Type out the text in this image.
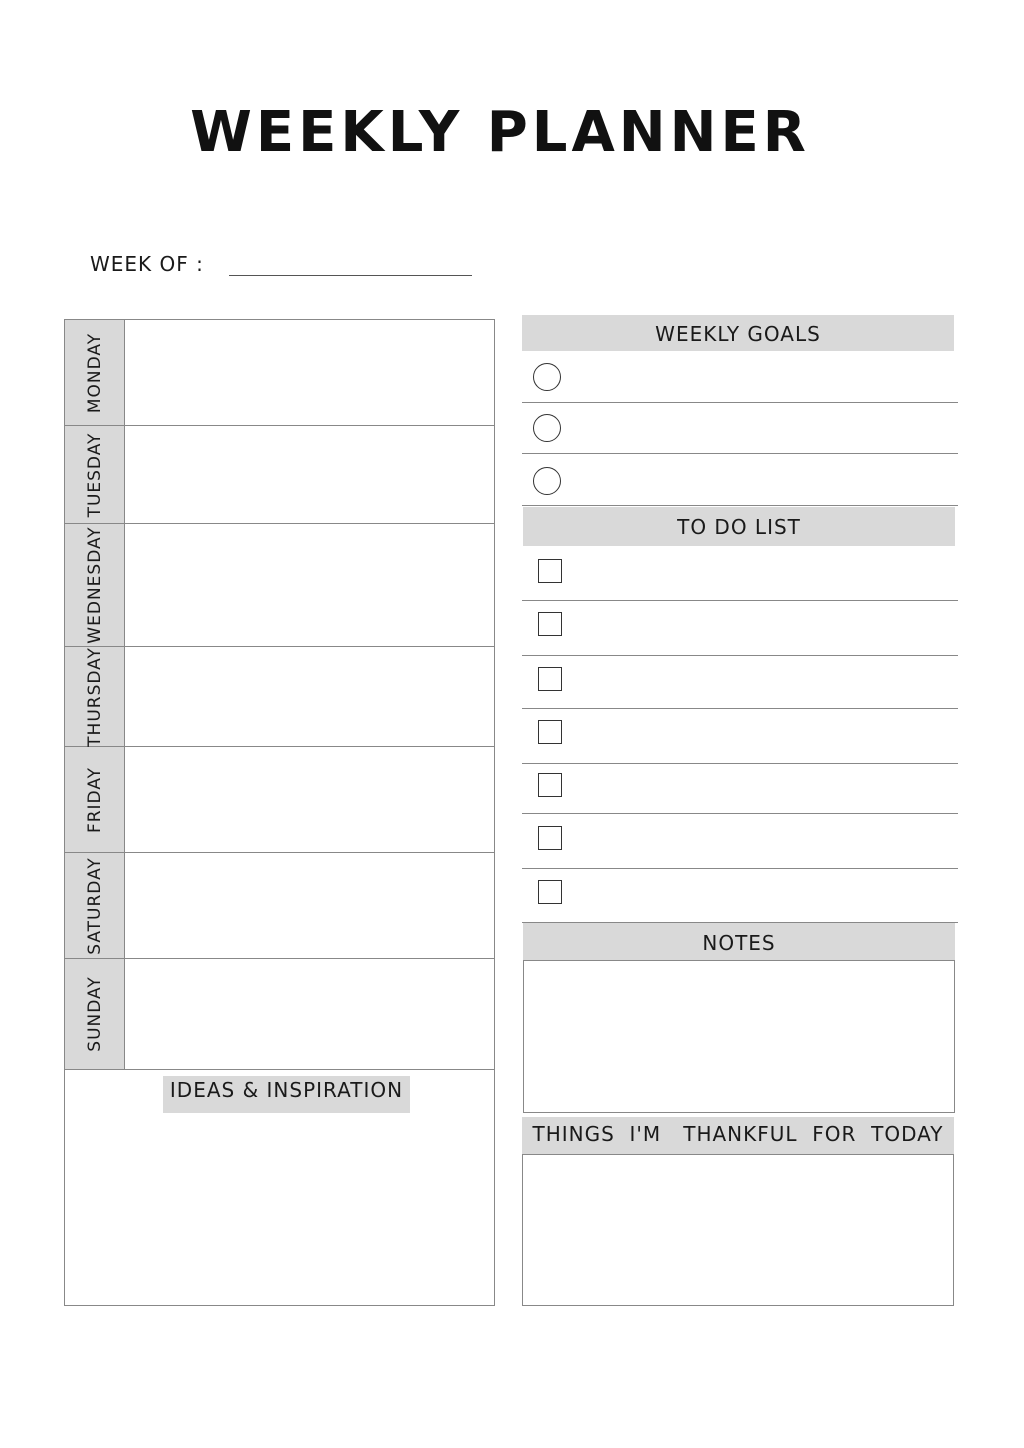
WEEKLY PLANNER
WEEK OF :
MONDAY
TUESDAY
WEDNESDAY
THURSDAY
FRIDAY
SATURDAY
SUNDAY
IDEAS & INSPIRATION
WEEKLY GOALS
TO DO LIST
NOTES
THINGS  I'M   THANKFUL  FOR  TODAY
